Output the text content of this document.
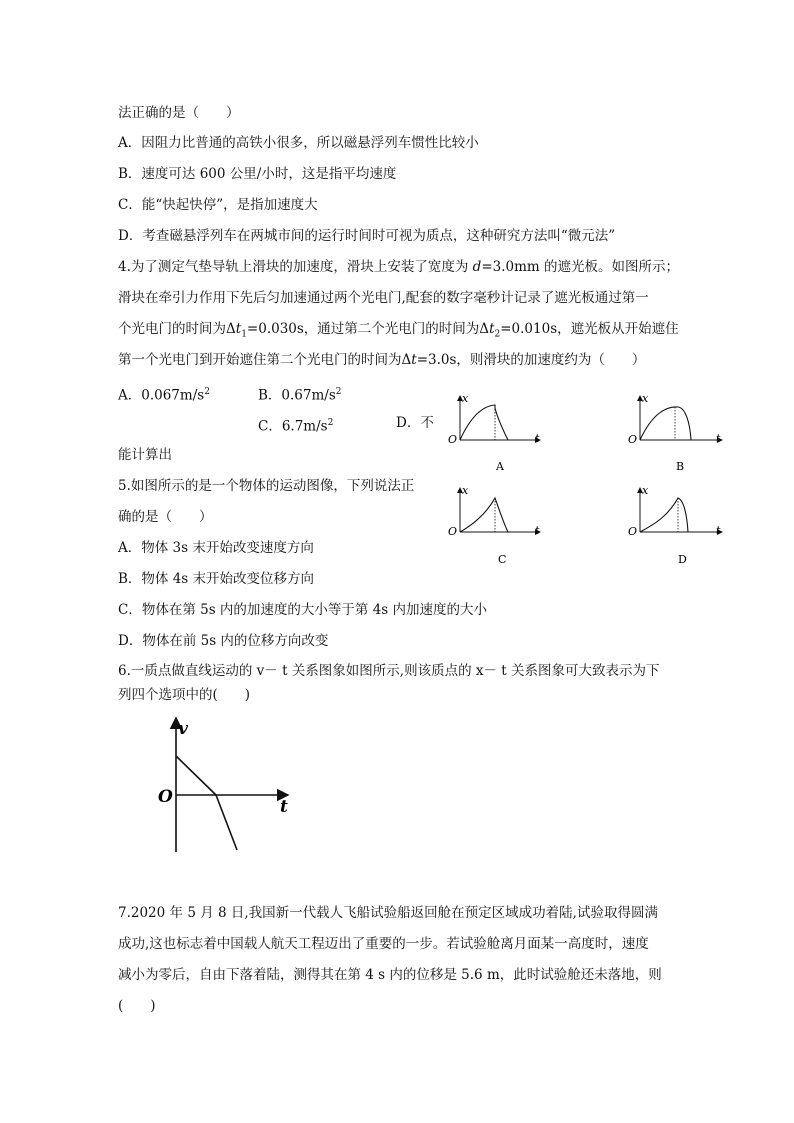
法正确的是（　　）
A．因阻力比普通的高铁小很多，所以磁悬浮列车惯性比较小
B．速度可达 600 公里/小时，这是指平均速度
C．能“快起快停”，是指加速度大
D．考查磁悬浮列车在两城市间的运行时间时可视为质点，这种研究方法叫“微元法”
4.为了测定气垫导轨上滑块的加速度，滑块上安装了宽度为 d=3.0mm 的遮光板。如图所示；
滑块在牵引力作用下先后匀加速通过两个光电门,配套的数字毫秒计记录了遮光板通过第一
个光电门的时间为$\Delta t_1=0.030s$，通过第二个光电门的时间为$\Delta t_2=0.010s$，遮光板从开始遮住
第一个光电门到开始遮住第二个光电门的时间为Δt=3.0s，则滑块的加速度约为（　　）
A．$0.067m/s^2$	B．$0.67m/s^2$
C．$6.7m/s^2$	D．不
能计算出
5.如图所示的是一个物体的运动图像，下列说法正
确的是（　　）
A．物体 3s 末开始改变速度方向
B．物体 4s 末开始改变位移方向
C．物体在第 5s 内的加速度的大小等于第 4s 内加速度的大小
D．物体在前 5s 内的位移方向改变
6.一质点做直线运动的 v－ t 关系图象如图所示,则该质点的 x－ t 关系图象可大致表示为下
列四个选项中的(　　)
7.2020 年 5 月 8 日,我国新一代载人飞船试验船返回舱在预定区域成功着陆,试验取得圆满
成功,这也标志着中国载人航天工程迈出了重要的一步。若试验舱离月面某一高度时，速度
减小为零后，自由下落着陆，测得其在第 4 s 内的位移是 5.6 m，此时试验舱还未落地，则
(　　)
x
O	t
A
x
O	t
B
x
O	t
C
x
O	t
D
v
O	t
